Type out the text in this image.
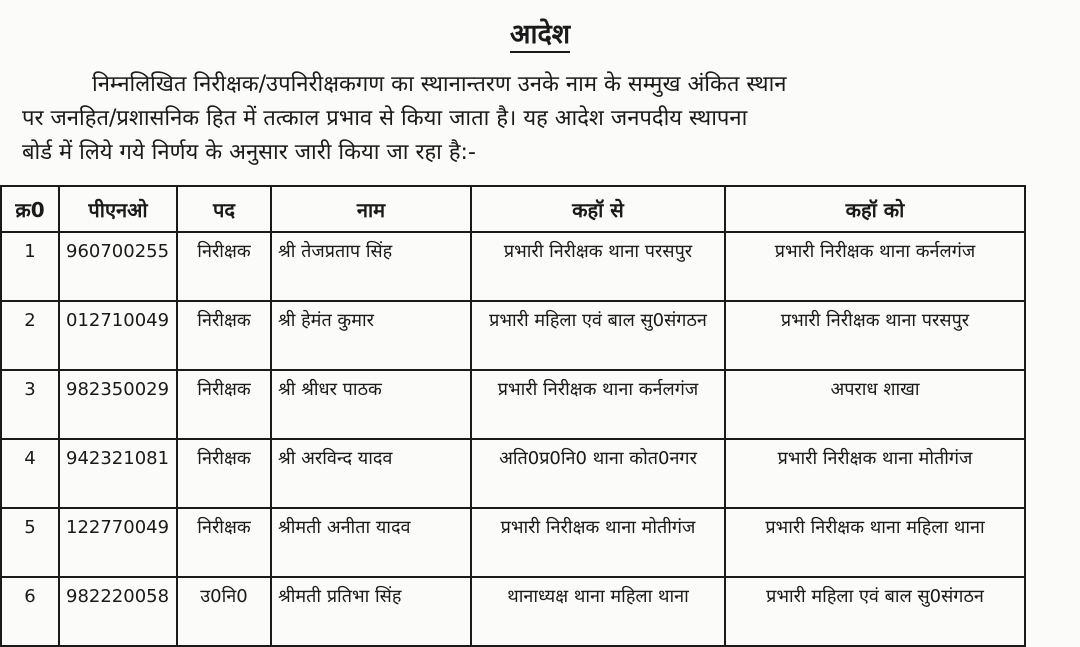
आदेश
निम्नलिखित निरीक्षक/उपनिरीक्षकगण का स्थानान्तरण उनके नाम के सम्मुख अंकित स्थान
पर जनहित/प्रशासनिक हित में तत्काल प्रभाव से किया जाता है। यह आदेश जनपदीय स्थापना
बोर्ड में लिये गये निर्णय के अनुसार जारी किया जा रहा है:-
क्र0	पीएनओ	पद	नाम	कहॉ से	कहॉ को
1	960700255	निरीक्षक	श्री तेजप्रताप सिंह	प्रभारी निरीक्षक थाना परसपुर	प्रभारी निरीक्षक थाना कर्नलगंज
2	012710049	निरीक्षक	श्री हेमंत कुमार	प्रभारी महिला एवं बाल सु0संगठन	प्रभारी निरीक्षक थाना परसपुर
3	982350029	निरीक्षक	श्री श्रीधर पाठक	प्रभारी निरीक्षक थाना कर्नलगंज	अपराध शाखा
4	942321081	निरीक्षक	श्री अरविन्द यादव	अति0प्र0नि0 थाना कोत0नगर	प्रभारी निरीक्षक थाना मोतीगंज
5	122770049	निरीक्षक	श्रीमती अनीता यादव	प्रभारी निरीक्षक थाना मोतीगंज	प्रभारी निरीक्षक थाना महिला थाना
6	982220058	उ0नि0	श्रीमती प्रतिभा सिंह	थानाध्यक्ष थाना महिला थाना	प्रभारी महिला एवं बाल सु0संगठन
